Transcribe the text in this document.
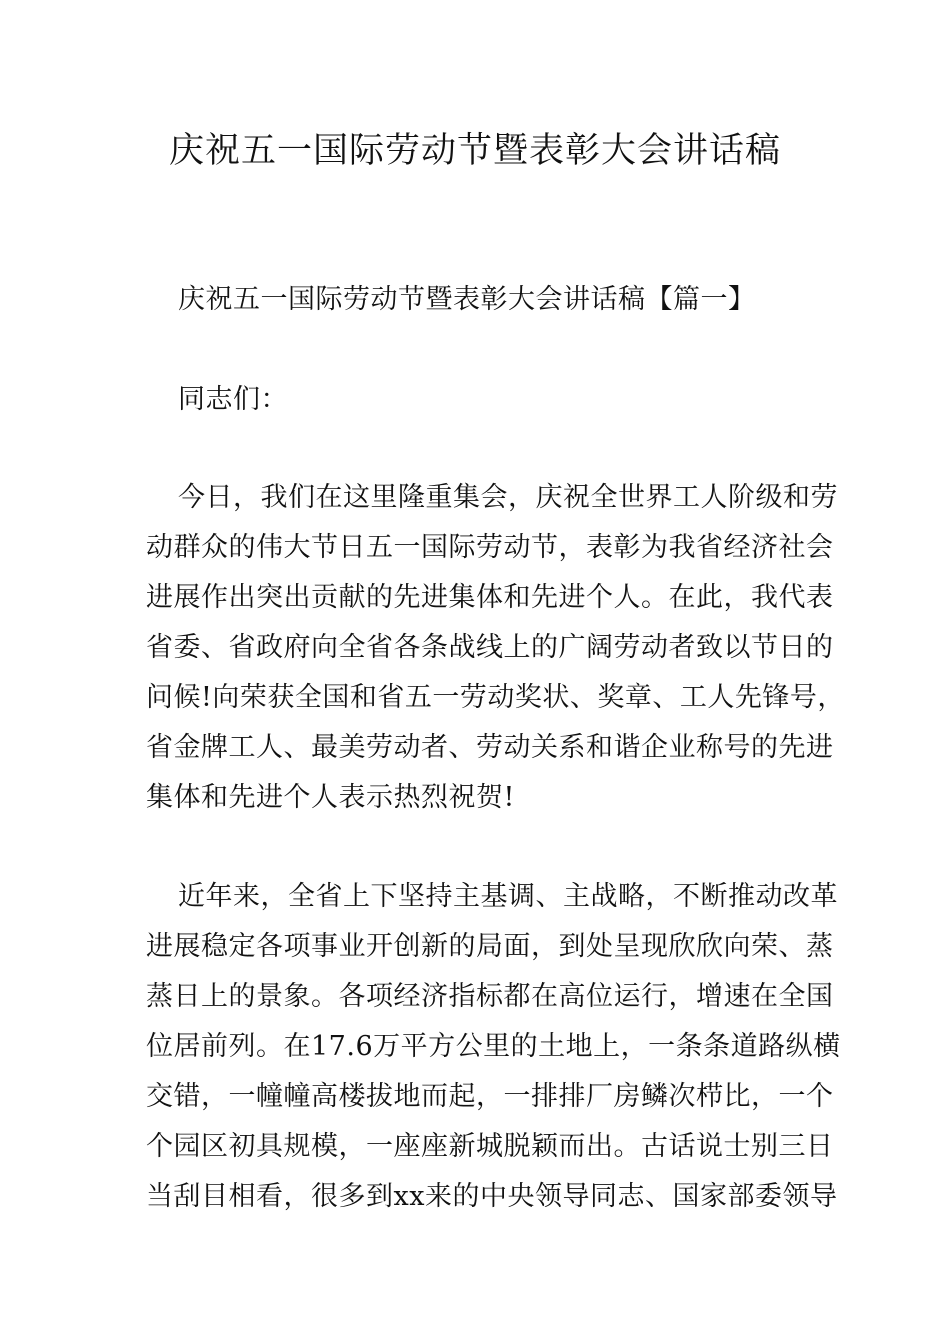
庆祝五一国际劳动节暨表彰大会讲话稿
庆祝五一国际劳动节暨表彰大会讲话稿【篇一】
同志们：
今日，我们在这里隆重集会，庆祝全世界工人阶级和劳
动群众的伟大节日五一国际劳动节，表彰为我省经济社会
进展作出突出贡献的先进集体和先进个人。在此，我代表
省委、省政府向全省各条战线上的广阔劳动者致以节日的
问候!向荣获全国和省五一劳动奖状、奖章、工人先锋号，
省金牌工人、最美劳动者、劳动关系和谐企业称号的先进
集体和先进个人表示热烈祝贺!
近年来，全省上下坚持主基调、主战略，不断推动改革
进展稳定各项事业开创新的局面，到处呈现欣欣向荣、蒸
蒸日上的景象。各项经济指标都在高位运行，增速在全国
位居前列。在17.6万平方公里的土地上，一条条道路纵横
交错，一幢幢高楼拔地而起，一排排厂房鳞次栉比，一个
个园区初具规模，一座座新城脱颖而出。古话说士别三日
当刮目相看，很多到xx来的中央领导同志、国家部委领导
